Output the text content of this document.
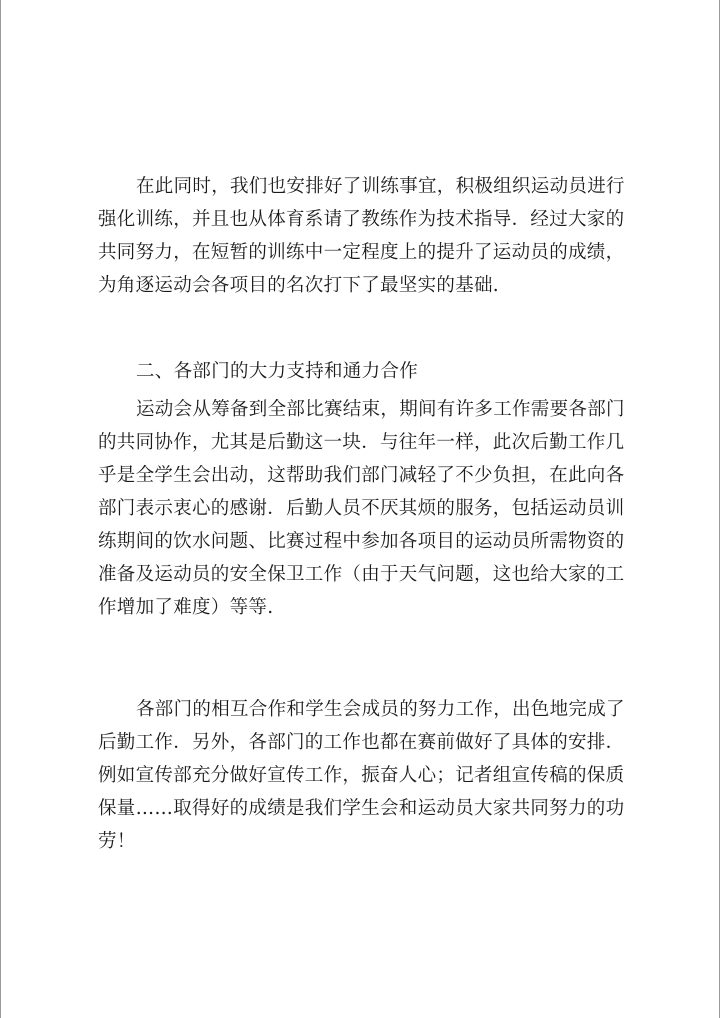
在此同时，我们也安排好了训练事宜，积极组织运动员进行
强化训练，并且也从体育系请了教练作为技术指导．经过大家的
共同努力，在短暂的训练中一定程度上的提升了运动员的成绩，
为角逐运动会各项目的名次打下了最坚实的基础.
二、各部门的大力支持和通力合作
运动会从筹备到全部比赛结束，期间有许多工作需要各部门
的共同协作，尤其是后勤这一块．与往年一样，此次后勤工作几
乎是全学生会出动，这帮助我们部门减轻了不少负担，在此向各
部门表示衷心的感谢．后勤人员不厌其烦的服务，包括运动员训
练期间的饮水问题、比赛过程中参加各项目的运动员所需物资的
准备及运动员的安全保卫工作（由于天气问题，这也给大家的工
作增加了难度）等等.
各部门的相互合作和学生会成员的努力工作，出色地完成了
后勤工作．另外，各部门的工作也都在赛前做好了具体的安排．
例如宣传部充分做好宣传工作，振奋人心；记者组宣传稿的保质
保量……取得好的成绩是我们学生会和运动员大家共同努力的功
劳！
